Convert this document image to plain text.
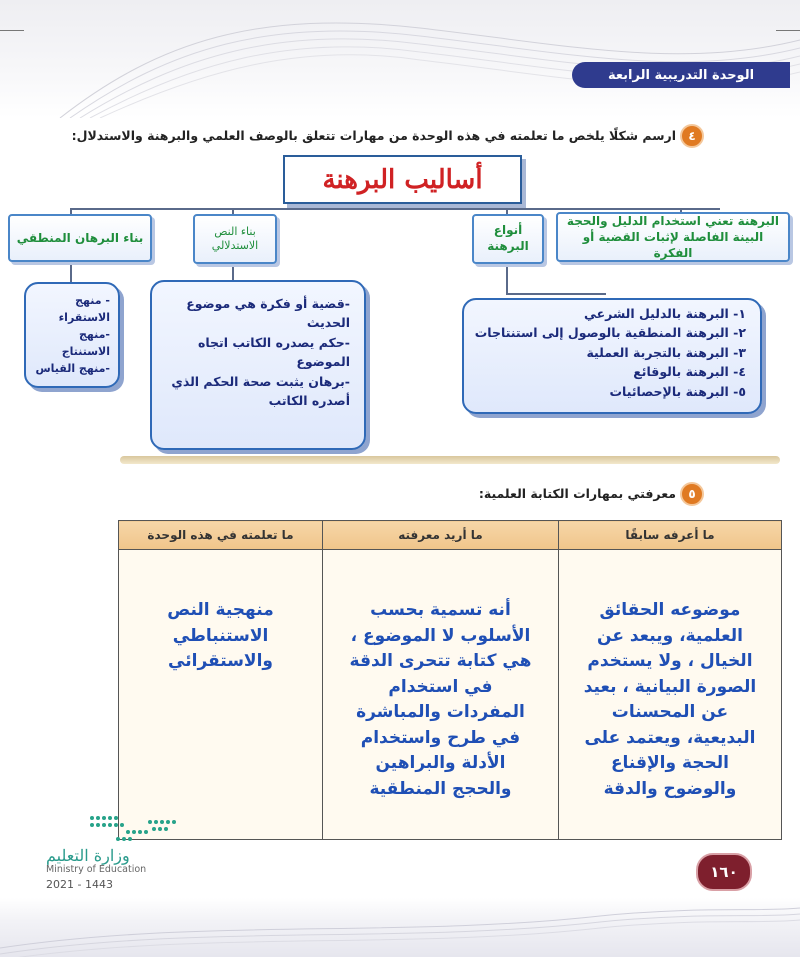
الوحدة التدريبية الرابعة
٤
ارسم شكلًا يلخص ما تعلمته في هذه الوحدة من مهارات تتعلق بالوصف العلمي والبرهنة والاستدلال:
أساليب البرهنة
البرهنة تعني استخدام الدليل والحجة البينة الفاصلة لإثبات القضية أو الفكرة
أنواع البرهنة
بناء النص الاستدلالي
بناء البرهان المنطقي
١- البرهنة بالدليل الشرعي
٢- البرهنة المنطقية بالوصول إلى استنتاجات
٣- البرهنة بالتجربة العملية
٤- البرهنة بالوقائع
٥- البرهنة بالإحصائيات
-قضية أو فكرة هي موضوع الحديث
-حكم يصدره الكاتب اتجاه الموضوع
-برهان يثبت صحة الحكم الذي أصدره الكاتب
- منهج الاستقراء
-منهج الاستنتاج
-منهج القياس
٥
معرفتي بمهارات الكتابة العلمية:
ما أعرفه سابقًا	ما أريد معرفته	ما تعلمته في هذه الوحدة
موضوعه الحقائق العلمية، ويبعد عن الخيال ، ولا يستخدم الصورة البيانية ، بعيد عن المحسنات البديعية، ويعتمد على الحجة والإقناع والوضوح والدقة	أنه تسمية بحسب الأسلوب لا الموضوع ، هي كتابة تتحرى الدقة في استخدام المفردات والمباشرة في طرح واستخدام الأدلة والبراهين والحجج المنطقية	منهجية النص الاستنباطي والاستقرائي
وزارة التعليم
Ministry of Education
2021 - 1443
١٦٠
